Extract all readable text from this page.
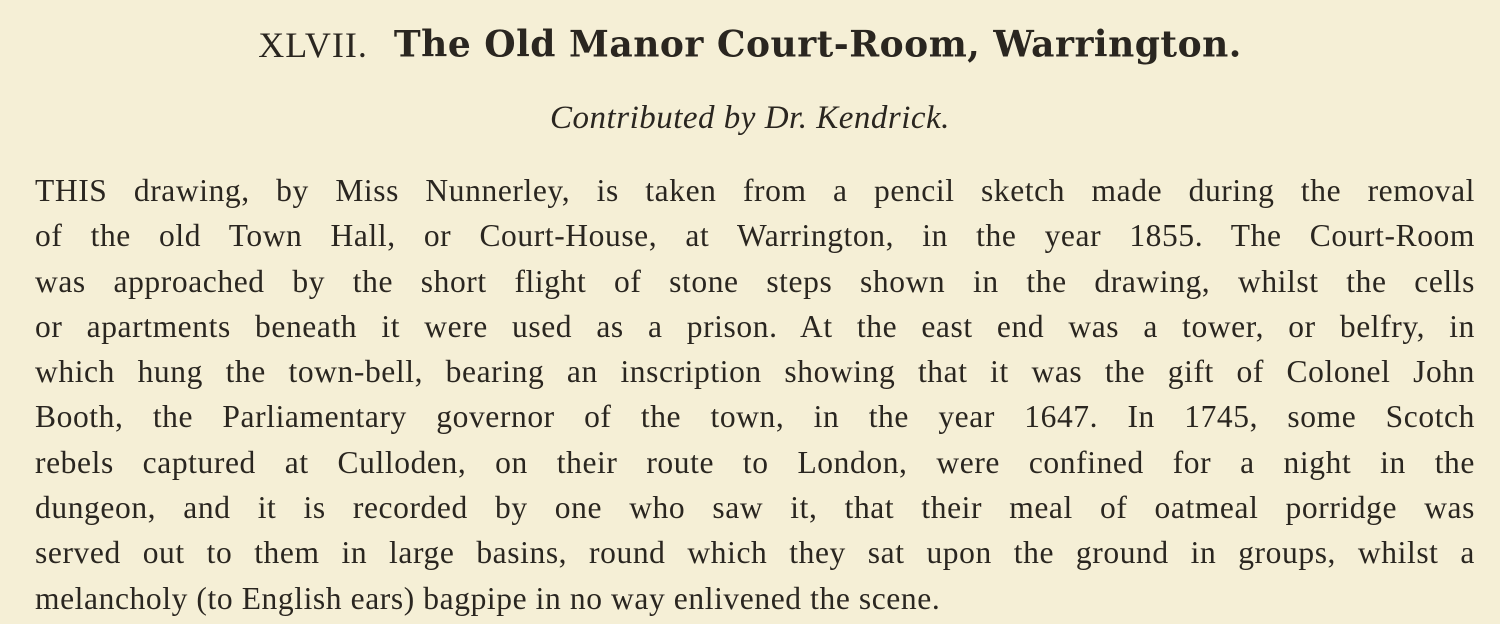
XLVII. The Old Manor Court-Room, Warrington.
Contributed by Dr. Kendrick.
THIS drawing, by Miss Nunnerley, is taken from a pencil sketch made during the removal
of the old Town Hall, or Court-House, at Warrington, in the year 1855. The Court-Room
was approached by the short flight of stone steps shown in the drawing, whilst the cells
or apartments beneath it were used as a prison. At the east end was a tower, or belfry, in
which hung the town-bell, bearing an inscription showing that it was the gift of Colonel John
Booth, the Parliamentary governor of the town, in the year 1647. In 1745, some Scotch
rebels captured at Culloden, on their route to London, were confined for a night in the
dungeon, and it is recorded by one who saw it, that their meal of oatmeal porridge was
served out to them in large basins, round which they sat upon the ground in groups, whilst a
melancholy (to English ears) bagpipe in no way enlivened the scene.
